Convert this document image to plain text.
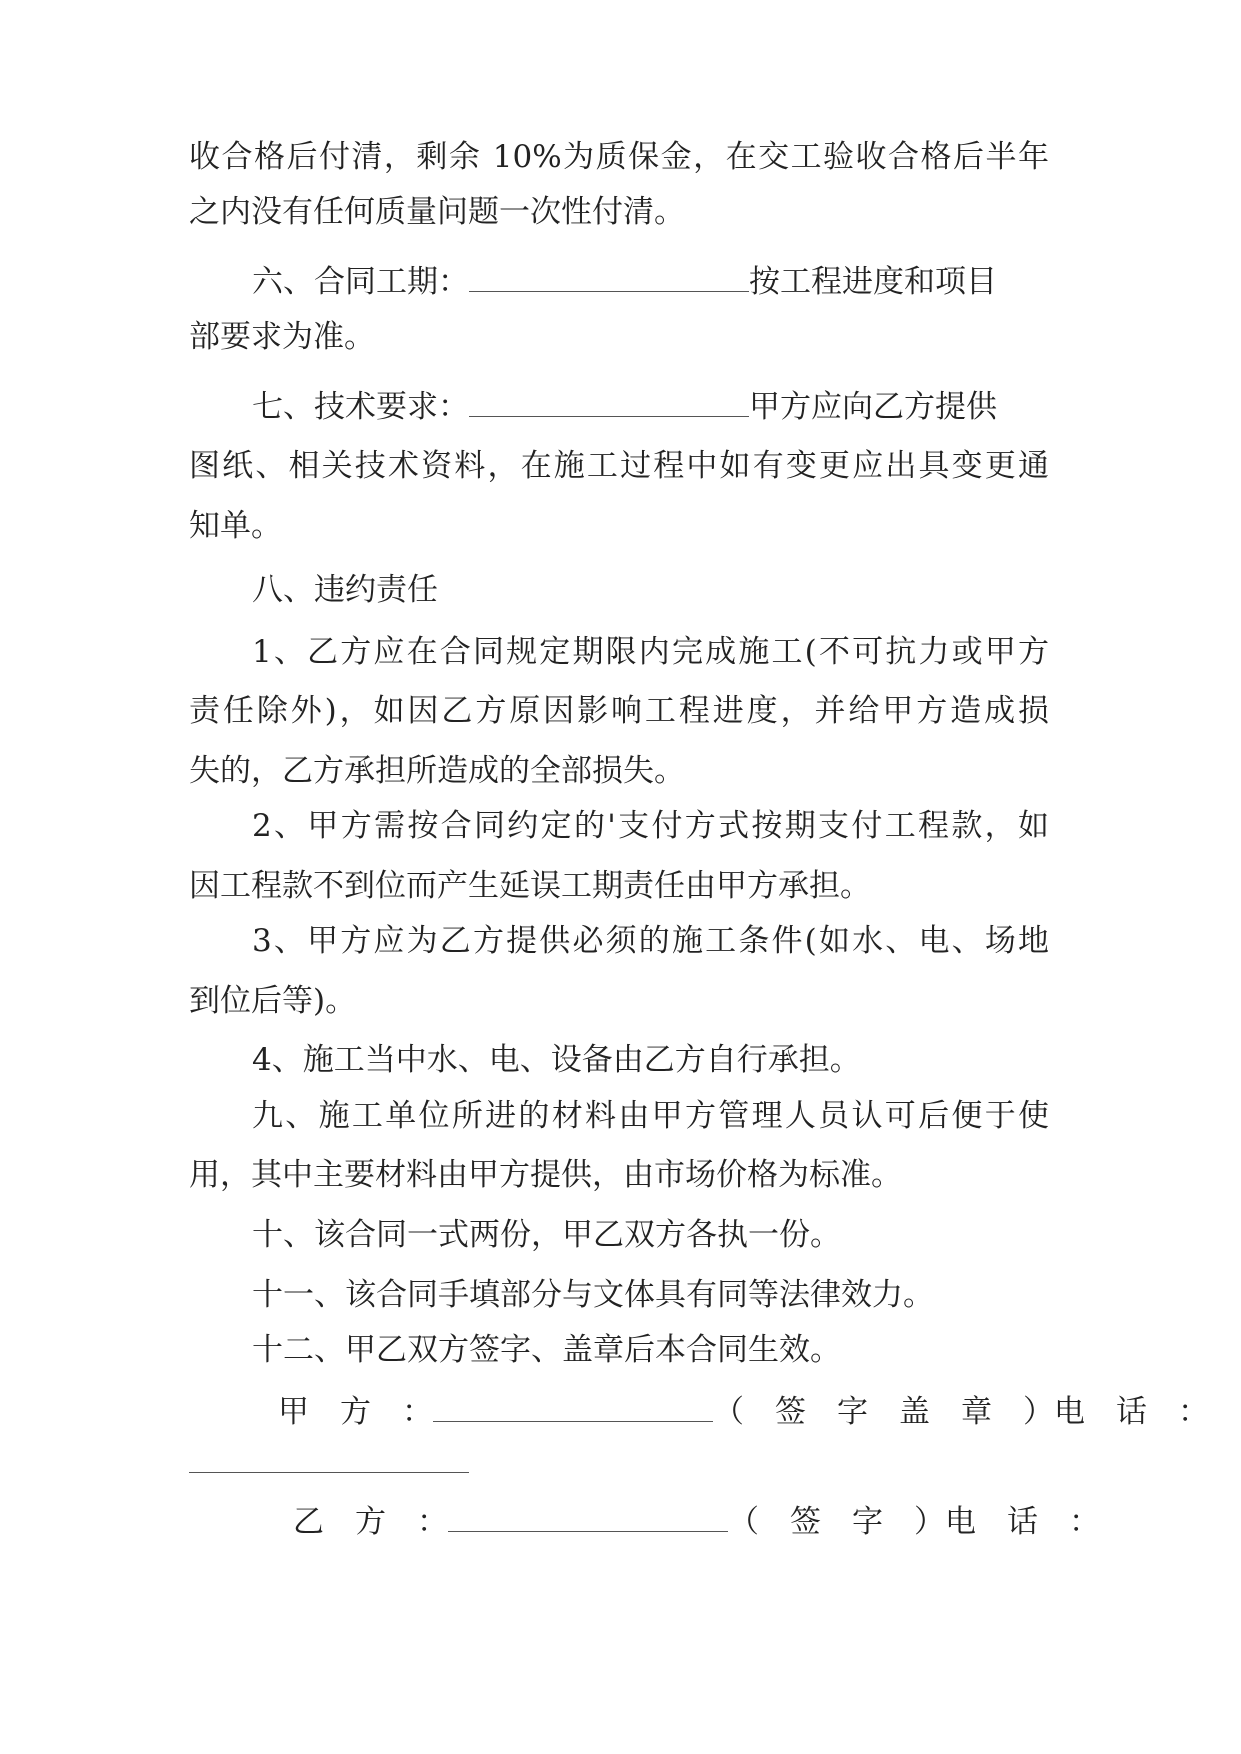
收合格后付清，剩余 10%为质保金，在交工验收合格后半年
之内没有任何质量问题一次性付清。
六、合同工期：	按工程进度和项目
部要求为准。
七、技术要求：	甲方应向乙方提供
图纸、相关技术资料，在施工过程中如有变更应出具变更通
知单。
八、违约责任
1、乙方应在合同规定期限内完成施工(不可抗力或甲方
责任除外)，如因乙方原因影响工程进度，并给甲方造成损
失的，乙方承担所造成的全部损失。
2、甲方需按合同约定的'支付方式按期支付工程款，如
因工程款不到位而产生延误工期责任由甲方承担。
3、甲方应为乙方提供必须的施工条件(如水、电、场地
到位后等)。
4、施工当中水、电、设备由乙方自行承担。
九、施工单位所进的材料由甲方管理人员认可后便于使
用，其中主要材料由甲方提供，由市场价格为标准。
十、该合同一式两份，甲乙双方各执一份。
十一、该合同手填部分与文体具有同等法律效力。
十二、甲乙双方签字、盖章后本合同生效。
甲　方　：	（　签　字　盖　章　）电　话　：
乙　方　：	（　签　字　）电　话　：
